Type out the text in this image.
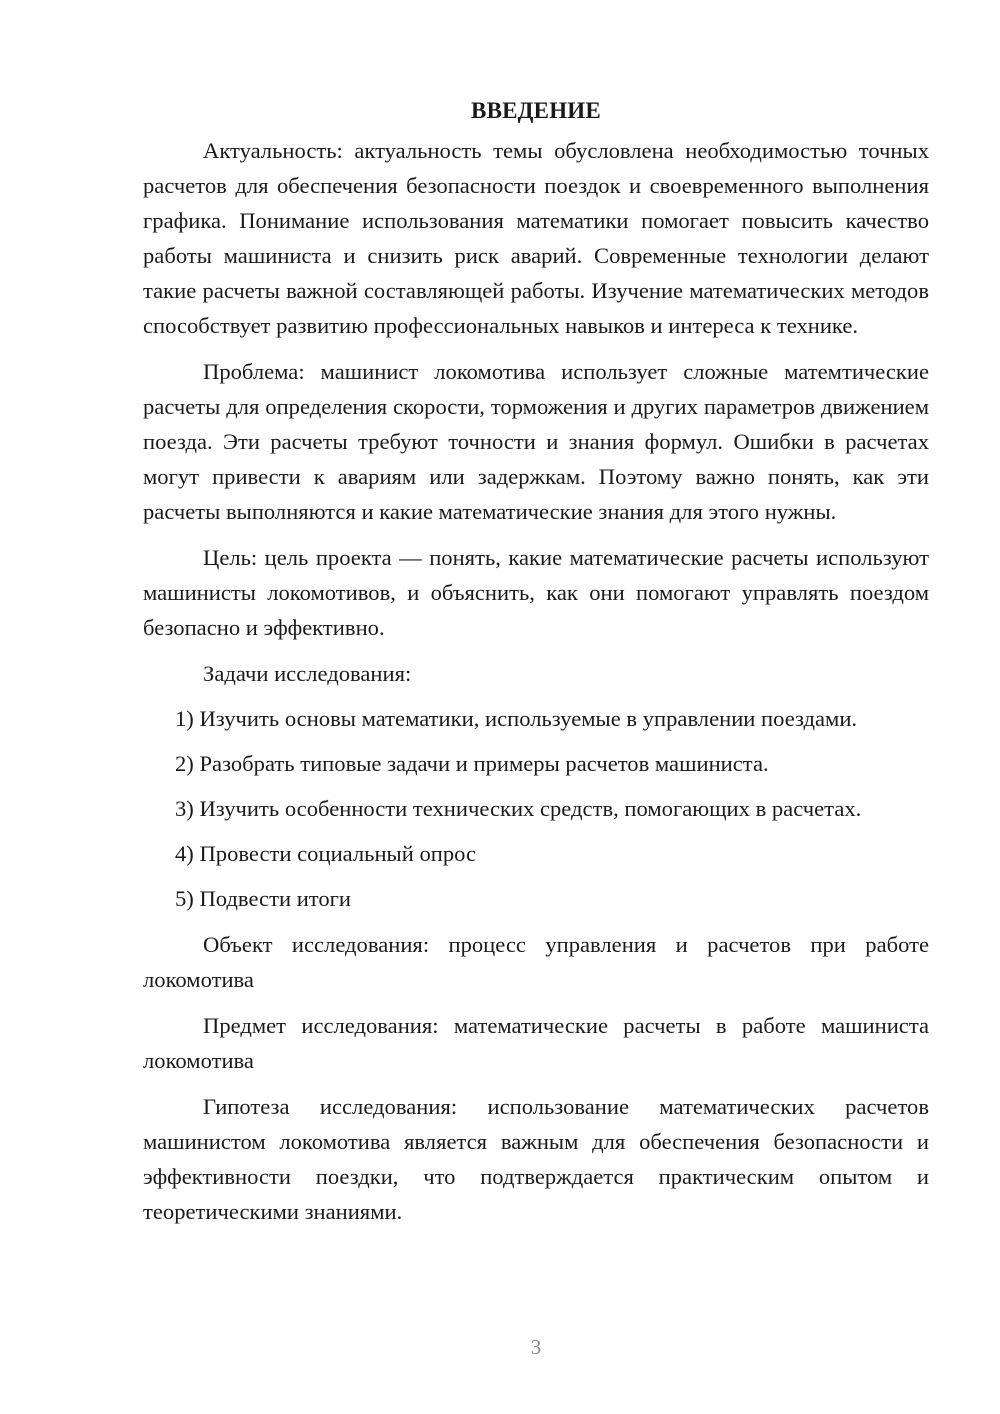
ВВЕДЕНИЕ

Актуальность: актуальность темы обусловлена необходимостью точных расчетов для обеспечения безопасности поездок и своевременного выполнения графика. Понимание использования математики помогает повысить качество работы машиниста и снизить риск аварий. Современные технологии делают такие расчеты важной составляющей работы. Изучение математических методов способствует развитию профессиональных навыков и интереса к технике.

Проблема: машинист локомотива использует сложные матемтические расчеты для определения скорости, торможения и других параметров движением поезда. Эти расчеты требуют точности и знания формул. Ошибки в расчетах могут привести к авариям или задержкам. Поэтому важно понять, как эти расчеты выполняются и какие математические знания для этого нужны.

Цель: цель проекта — понять, какие математические расчеты используют машинисты локомотивов, и объяснить, как они помогают управлять поездом безопасно и эффективно.

Задачи исследования:

1) Изучить основы математики, используемые в управлении поездами.
2) Разобрать типовые задачи и примеры расчетов машиниста.
3) Изучить особенности технических средств, помогающих в расчетах.
4) Провести социальный опрос
5) Подвести итоги

Объект исследования: процесс управления и расчетов при работе локомотива

Предмет исследования: математические расчеты в работе машиниста локомотива

Гипотеза исследования: использование математических расчетов машинистом локомотива является важным для обеспечения безопасности и эффективности поездки, что подтверждается практическим опытом и теоретическими знаниями.

3
